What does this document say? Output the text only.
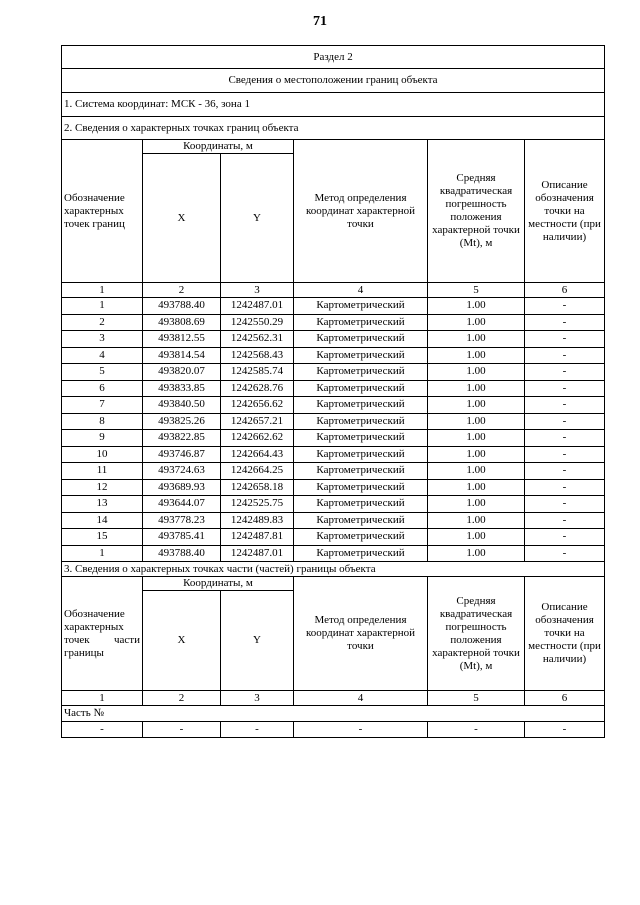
71
Раздел 2					
Сведения о местоположении границ объекта					
1. Система координат: МСК - 36, зона 1					
2. Сведения о характерных точках границ объекта					
Обозначение характерных точек границ	Координаты, м		Метод определения координат характерной точки	Средняя квадратическая погрешность положения характерной точки (Mt), м	Описание обозначения точки на местности (при наличии)
	X	Y			
1	2	3	4	5	6
1	493788.40	1242487.01	Картометрический	1.00	-
2	493808.69	1242550.29	Картометрический	1.00	-
3	493812.55	1242562.31	Картометрический	1.00	-
4	493814.54	1242568.43	Картометрический	1.00	-
5	493820.07	1242585.74	Картометрический	1.00	-
6	493833.85	1242628.76	Картометрический	1.00	-
7	493840.50	1242656.62	Картометрический	1.00	-
8	493825.26	1242657.21	Картометрический	1.00	-
9	493822.85	1242662.62	Картометрический	1.00	-
10	493746.87	1242664.43	Картометрический	1.00	-
11	493724.63	1242664.25	Картометрический	1.00	-
12	493689.93	1242658.18	Картометрический	1.00	-
13	493644.07	1242525.75	Картометрический	1.00	-
14	493778.23	1242489.83	Картометрический	1.00	-
15	493785.41	1242487.81	Картометрический	1.00	-
1	493788.40	1242487.01	Картометрический	1.00	-
3. Сведения о характерных точках части (частей) границы объекта					
Обозначение характерных точек части границы	Координаты, м		Метод определения координат характерной точки	Средняя квадратическая погрешность положения характерной точки (Mt), м	Описание обозначения точки на местности (при наличии)
	X	Y			
1	2	3	4	5	6
Часть №					
-	-	-	-	-	-
